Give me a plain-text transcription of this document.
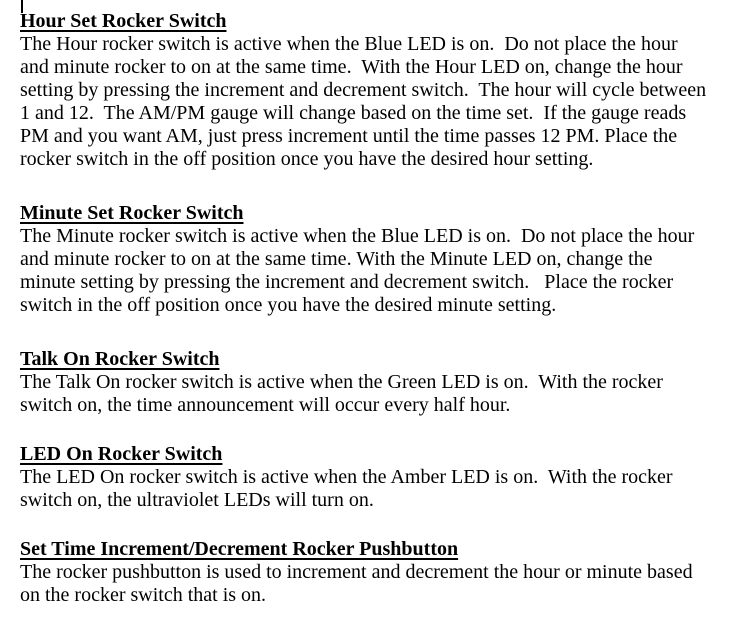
Hour Set Rocker Switch
The Hour rocker switch is active when the Blue LED is on.  Do not place the hour
and minute rocker to on at the same time.  With the Hour LED on, change the hour
setting by pressing the increment and decrement switch.  The hour will cycle between
1 and 12.  The AM/PM gauge will change based on the time set.  If the gauge reads
PM and you want AM, just press increment until the time passes 12 PM. Place the
rocker switch in the off position once you have the desired hour setting.
Minute Set Rocker Switch
The Minute rocker switch is active when the Blue LED is on.  Do not place the hour
and minute rocker to on at the same time. With the Minute LED on, change the
minute setting by pressing the increment and decrement switch.   Place the rocker
switch in the off position once you have the desired minute setting.
Talk On Rocker Switch
The Talk On rocker switch is active when the Green LED is on.  With the rocker
switch on, the time announcement will occur every half hour.
LED On Rocker Switch
The LED On rocker switch is active when the Amber LED is on.  With the rocker
switch on, the ultraviolet LEDs will turn on.
Set Time Increment/Decrement Rocker Pushbutton
The rocker pushbutton is used to increment and decrement the hour or minute based
on the rocker switch that is on.
